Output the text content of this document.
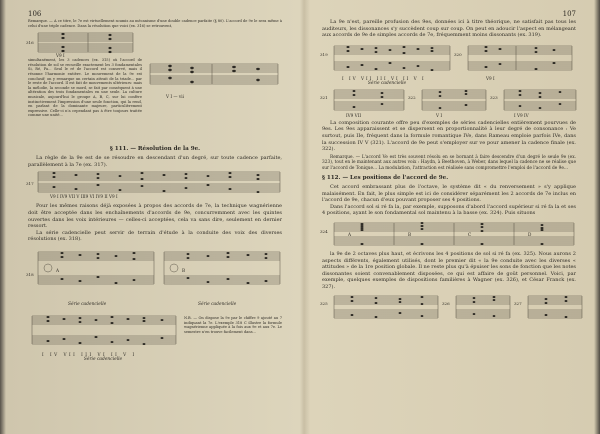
106
Remarque. — A ce titre, le 7e est virtuellement soumis au mécanisme d'une double cadence parfaite (§ 80). L'accord de 9e le sera même à celui d'une triple cadence. Dans la résolution que voici (ex. 316) se retrouvent,
316
V9 I
simultanément, les 3 cadences (ex. 315) où l'accord de résolution de sol se recueille exactement les 3 fondamentales Si, Ré, Fa... Seul le ré de l'accord est conservé, mais il résonne l'harmonie entière. Le mouvement de la 9e est conclusif; on y remarque un certain attrait de la triade... par le reste de l'accord. Il est fait de mouvements ultérieurs: mais la mélodie, la seconde se mord, se fait par conséquent à une altération des trois fondamentales en une seule. La culture musicale, aujourd'hui le groupe A, B, C, sur lui confère instinctivement l'impression d'une seule fonction, qui la rend, en parlant de la dominante majeure, particulièrement expressive. Celle-ci n'a cependant pas à être toujours traitée comme une unité...
V I — vii
§ 111. — Résolution de la 9e.
La règle de la 9e est de se résoudre en descendant d'un degré, sur toute cadence parfaite, parallèlement à la 7e (ex. 317).
317
V9 I IV9 VII V III9 VI IV9 II V9 I
Pour les mêmes raisons déjà exposées à propos des accords de 7e, la technique wagnérienne doit être acceptée dans les enchaînements d'accords de 9e, concurremment avec les quintes ouvertes dans les voix intérieures — celles-ci acceptées, cela va sans dire, seulement en dernier ressort.
La série cadencielle peut servir de terrain d'étude à la conduite des voix des diverses résolutions (ex. 318).
318
A	B
Série cadencielle	Série cadencielle
I IV VII III VI II V I
Série cadencielle
N.B. — On dispose la 9e par le chiffre 9 ajouté au 7 indiquant la 7e. L'exemple 318 C illustre la formule wagnérienne appliquée à la fois aux 9e et aux 7e. Le semestre n'en trouve facilement dans...
107
La 9e n'est, pareille profusion des 9es, données ici à titre théorique, ne satisfait pas tous les auditeurs, les dissonances s'y succèdent coup sur coup. On peut en adoucir l'aspect en mélangeant aux accords de 9e de simples accords de 7e, fréquemment moins dissonants (ex. 319).
319
I IV VII III VI II V I
Série cadencielle
320
V9 I
321
IV9 VII
322
V I
323
I V9 IV
La composition courante offre peu d'exemples de séries cadencielles entièrement pourvues de 9es. Les 9es apparaissent et se dispersent en proportionnalité à leur degré de consonance : Ve surtout, puis IIe, fréquent dans la formule romantique IVe, dans Rameau emploie parfois IVe, dans la succession IV V (321). L'accord de 9e peut s'employer sur ve pour amener la cadence finale (ex. 322).
Remarque. — L'accord Ve est très souvent résolu en se bornant à faire descendre d'un degré le seule 9e (ex. 323), tout en le maintenant aux autres voix : Haydn, à Beethoven, à Weber, dans lequel la cadence ne se réalise que sur l'accord de Tonique... La modulation, l'attraction est réalisée sans compromettre l'emploi de l'accord de 9e...
§ 112. — Les positions de l'accord de 9e.
Cet accord embrassant plus de l'octave, le système dit « du renversement » s'y applique malaisément. En fait, le plus simple est ici de considérer séparément les 2 accords de 7e inclus en l'accord de 9e, chacun d'eux pouvant proposer ses 4 positions.
Dans l'accord sol si ré fa la, par exemple, supposons d'abord l'accord supérieur si ré fa la et ses 4 positions, ayant le son fondamental sol maintenu à la basse (ex. 324). Puis situons
324
A	B	C	D
la 9e de 2 octaves plus haut, et écrivons les 4 positions de sol si ré fa (ex. 325). Nous aurons 2 aspects différents, également utilisés, dont le premier dit « la 9e conduite avec les diverses « attitudes » de la 1re position globale. Il ne reste plus qu'à épuiser les sons de fonction que les notes dissonantes soient convenablement disposées, ce qui est affaire de goût personnel. Voici, par exemple, quelques exemples de dispositions familières à Wagner (ex. 326), et César Franck (ex. 327).
325	326	327
